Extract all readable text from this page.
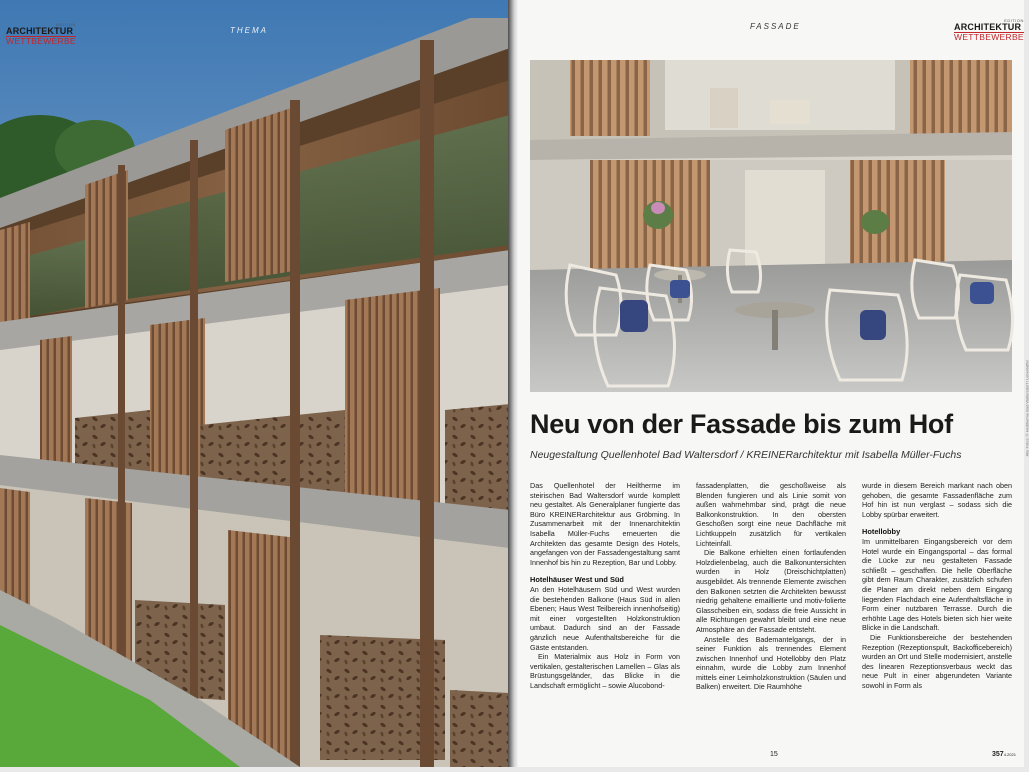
EDITION
ARCHITEKTUR
WETTBEWERBE
THEMA	FASSADE
EDITION
ARCHITEKTUR
WETTBEWERBE
Alle Fotos: © Heiltherme Bad Waltersdorf / Lebenlaffer
Neu von der Fassade bis zum Hof

Neugestaltung Quellenhotel Bad Waltersdorf / KREINERarchitektur mit Isabella Müller-Fuchs

Das Quellenhotel der Heiltherme im steirischen Bad Waltersdorf wurde komplett neu gestaltet. Als Generalplaner fungierte das Büro KREINERarchitektur aus Gröbming. In Zusammenarbeit mit der Innenarchitektin Isabella Müller-Fuchs erneuerten die Architekten das gesamte Design des Hotels, angefangen von der Fassadengestaltung samt Innenhof bis hin zu Rezeption, Bar und Lobby.

Hotelhäuser West und Süd

An den Hotelhäusern Süd und West wurden die bestehenden Balkone (Haus Süd in allen Ebenen; Haus West Teilbereich innenhofseitig) mit einer vorgestellten Holzkonstruktion umbaut. Dadurch sind an der Fassade gänzlich neue Aufenthaltsbereiche für die Gäste entstanden.

Ein Materialmix aus Holz in Form von vertikalen, gestalterischen Lamellen – Glas als Brüstungsgeländer, das Blicke in die Landschaft ermöglicht – sowie Alucobond-

fassadenplatten, die geschoßweise als Blenden fungieren und als Linie somit von außen wahrnehmbar sind, prägt die neue Balkonkonstruktion. In den obersten Geschoßen sorgt eine neue Dachfläche mit Lichtkuppeln zusätzlich für vertikalen Lichteinfall.

Die Balkone erhielten einen fortlaufenden Holzdielenbelag, auch die Balkonuntersichten wurden in Holz (Dreischichtplatten) ausgebildet. Als trennende Elemente zwischen den Balkonen setzten die Architekten bewusst niedrig gehaltene emaillierte und motiv-folierte Glasscheiben ein, sodass die freie Aussicht in alle Richtungen gewahrt bleibt und eine neue Atmosphäre an der Fassade entsteht.

Anstelle des Bademantelgangs, der in seiner Funktion als trennendes Element zwischen Innenhof und Hotellobby den Platz einnahm, wurde die Lobby zum Innenhof mittels einer Leimholzkonstruktion (Säulen und Balken) erweitert. Die Raumhöhe

wurde in diesem Bereich markant nach oben gehoben, die gesamte Fassadenfläche zum Hof hin ist nun verglast – sodass sich die Lobby spürbar erweitert.

Hotellobby

Im unmittelbaren Eingangsbereich vor dem Hotel wurde ein Eingangsportal – das formal die Lücke zur neu gestalteten Fassade schließt – geschaffen. Die helle Oberfläche gibt dem Raum Charakter, zusätzlich schufen die Planer am direkt neben dem Eingang liegenden Flachdach eine Aufenthaltsfläche in Form einer nutzbaren Terrasse. Durch die erhöhte Lage des Hotels bieten sich hier weite Blicke in die Landschaft.

Die Funktionsbereiche der bestehenden Rezeption (Rezeptionspult, Backofficebereich) wurden an Ort und Stelle modernisiert, anstelle des linearen Rezeptionsverbaus weckt das neue Pult in einer abgerundeten Variante sowohl in Form als

15	3574.2021
